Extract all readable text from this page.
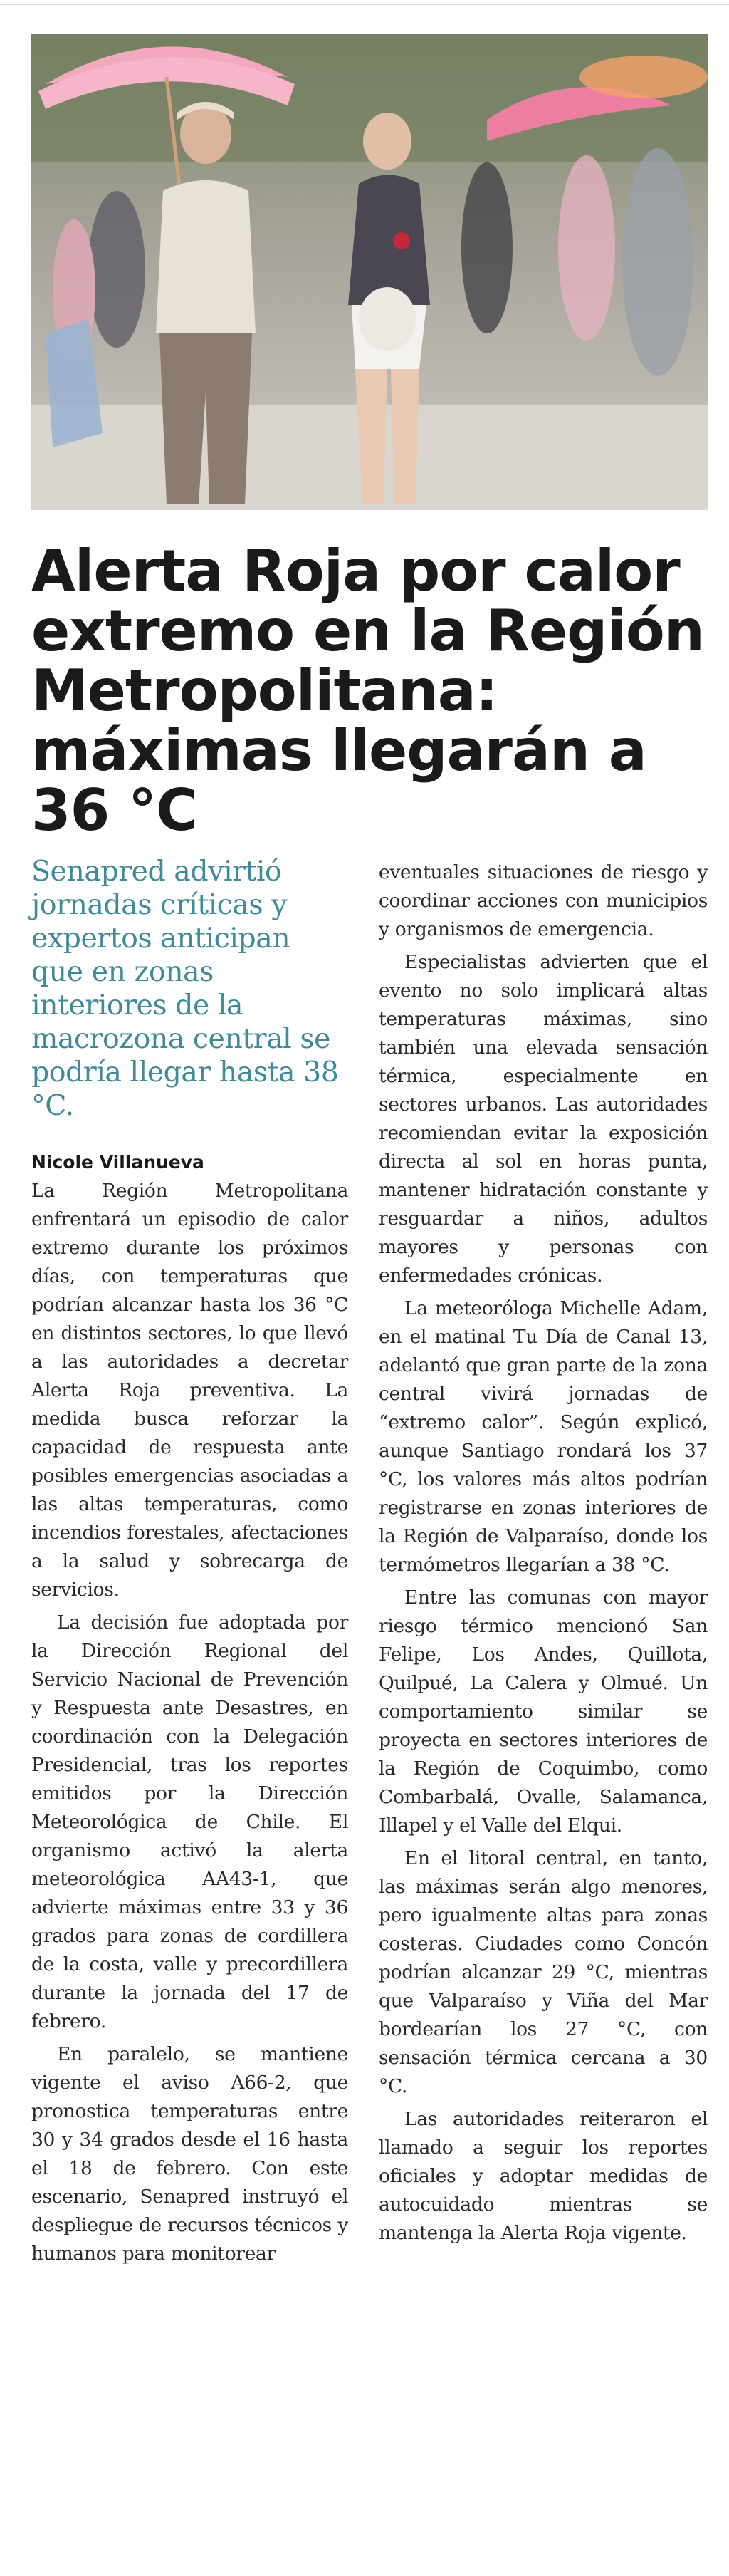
Alerta Roja por calor extremo en la Región Metropolitana: máximas llegarán a 36 °C

Senapred advirtió jornadas críticas y expertos anticipan que en zonas interiores de la macrozona central se podría llegar hasta 38 °C.

Nicole Villanueva

La Región Metropolitana enfrentará un episodio de calor extremo durante los próximos días, con temperaturas que podrían alcanzar hasta los 36 °C en distintos sectores, lo que llevó a las autoridades a decretar Alerta Roja preventiva. La medida busca reforzar la capacidad de respuesta ante posibles emergencias asociadas a las altas temperaturas, como incendios forestales, afectaciones a la salud y sobrecarga de servicios.

La decisión fue adoptada por la Dirección Regional del Servicio Nacional de Prevención y Respuesta ante Desastres, en coordinación con la Delegación Presidencial, tras los reportes emitidos por la Dirección Meteorológica de Chile. El organismo activó la alerta meteorológica AA43-1, que advierte máximas entre 33 y 36 grados para zonas de cordillera de la costa, valle y precordillera durante la jornada del 17 de febrero.

En paralelo, se mantiene vigente el aviso A66-2, que pronostica temperaturas entre 30 y 34 grados desde el 16 hasta el 18 de febrero. Con este escenario, Senapred instruyó el despliegue de recursos técnicos y humanos para monitorear

eventuales situaciones de riesgo y coordinar acciones con municipios y organismos de emergencia.

Especialistas advierten que el evento no solo implicará altas temperaturas máximas, sino también una elevada sensación térmica, especialmente en sectores urbanos. Las autoridades recomiendan evitar la exposición directa al sol en horas punta, mantener hidratación constante y resguardar a niños, adultos mayores y personas con enfermedades crónicas.

La meteoróloga Michelle Adam, en el matinal Tu Día de Canal 13, adelantó que gran parte de la zona central vivirá jornadas de “extremo calor”. Según explicó, aunque Santiago rondará los 37 °C, los valores más altos podrían registrarse en zonas interiores de la Región de Valparaíso, donde los termómetros llegarían a 38 °C.

Entre las comunas con mayor riesgo térmico mencionó San Felipe, Los Andes, Quillota, Quilpué, La Calera y Olmué. Un comportamiento similar se proyecta en sectores interiores de la Región de Coquimbo, como Combarbalá, Ovalle, Salamanca, Illapel y el Valle del Elqui.

En el litoral central, en tanto, las máximas serán algo menores, pero igualmente altas para zonas costeras. Ciudades como Concón podrían alcanzar 29 °C, mientras que Valparaíso y Viña del Mar bordearían los 27 °C, con sensación térmica cercana a 30 °C.

Las autoridades reiteraron el llamado a seguir los reportes oficiales y adoptar medidas de autocuidado mientras se mantenga la Alerta Roja vigente.
